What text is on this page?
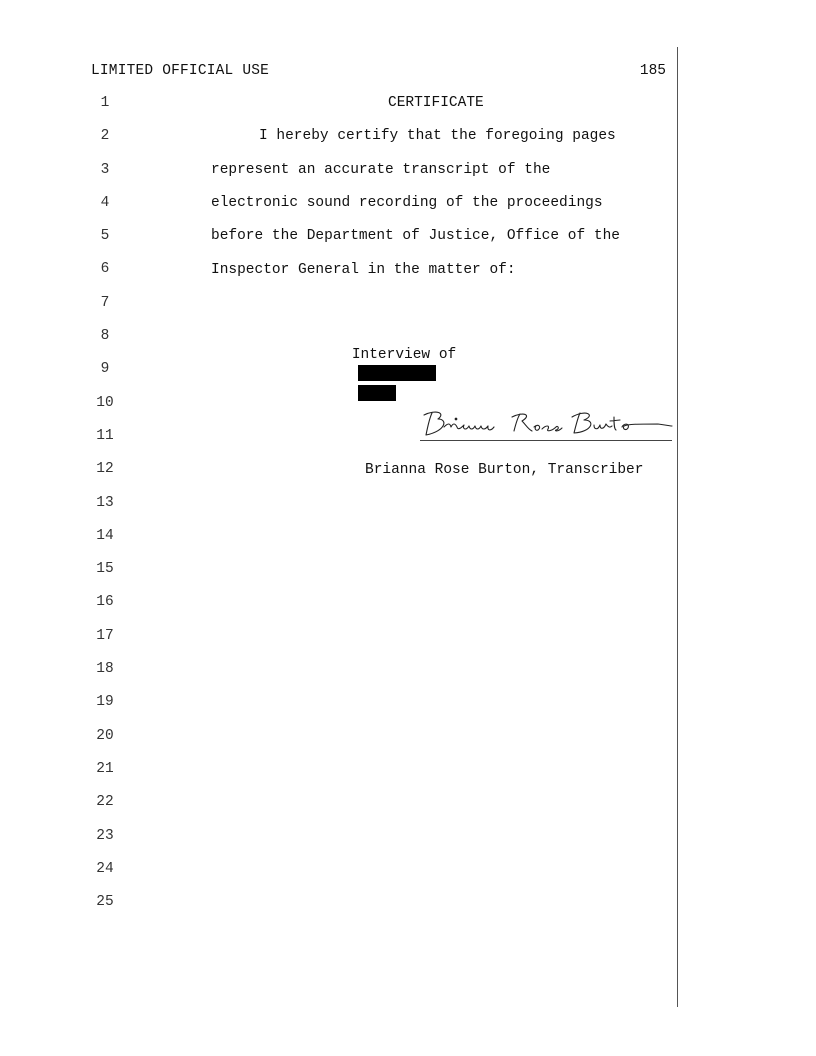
LIMITED OFFICIAL USE	185
1
2
3
4
5
6
7
8
9
10
11
12
13
14
15
16
17
18
19
20
21
22
23
24
25
CERTIFICATE
I hereby certify that the foregoing pages
represent an accurate transcript of the
electronic sound recording of the proceedings
before the Department of Justice, Office of the
Inspector General in the matter of:

Interview of

Brianna Rose Burton, Transcriber
